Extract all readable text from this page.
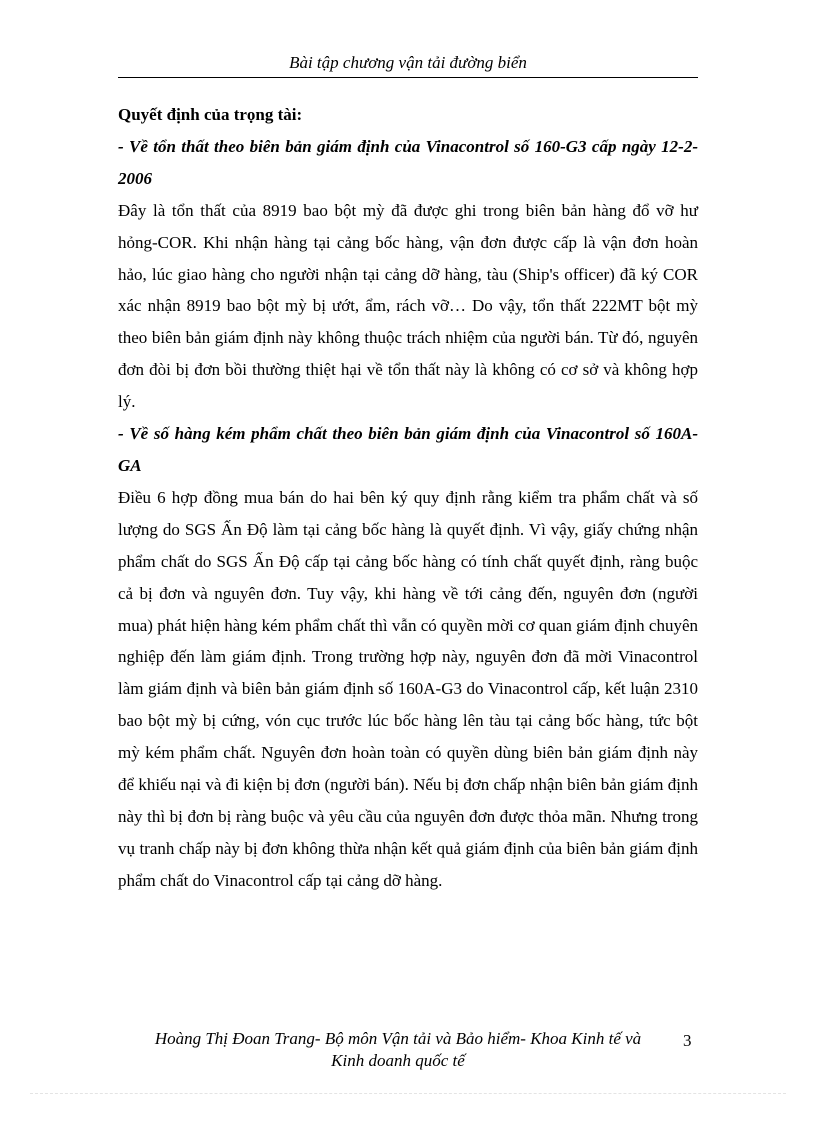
Bài tập chương vận tải đường biển

Quyết định của trọng tài:

- Về tổn thất theo biên bản giám định của Vinacontrol số 160-G3 cấp ngày 12-2-2006

Đây là tổn thất của 8919 bao bột mỳ đã được ghi trong biên bản hàng đổ vỡ hư hỏng-COR. Khi nhận hàng tại cảng bốc hàng, vận đơn được cấp là vận đơn hoàn hảo, lúc giao hàng cho người nhận tại cảng dỡ hàng, tàu (Ship's officer) đã ký COR xác nhận 8919 bao bột mỳ bị ướt, ẩm, rách vỡ… Do vậy, tổn thất 222MT bột mỳ theo biên bản giám định này không thuộc trách nhiệm của người bán. Từ đó, nguyên đơn đòi bị đơn bồi thường thiệt hại về tổn thất này là không có cơ sở và không hợp lý.

- Về số hàng kém phẩm chất theo biên bản giám định của Vinacontrol số 160A-GA

Điều 6 hợp đồng mua bán do hai bên ký quy định rằng kiểm tra phẩm chất và số lượng do SGS Ấn Độ làm tại cảng bốc hàng là quyết định. Vì vậy, giấy chứng nhận phẩm chất do SGS Ấn Độ cấp tại cảng bốc hàng có tính chất quyết định, ràng buộc cả bị đơn và nguyên đơn. Tuy vậy, khi hàng về tới cảng đến, nguyên đơn (người mua) phát hiện hàng kém phẩm chất thì vẫn có quyền mời cơ quan giám định chuyên nghiệp đến làm giám định. Trong trường hợp này, nguyên đơn đã mời Vinacontrol làm giám định và biên bản giám định số 160A-G3 do Vinacontrol cấp, kết luận 2310 bao bột mỳ bị cứng, vón cục trước lúc bốc hàng lên tàu tại cảng bốc hàng, tức bột mỳ kém phẩm chất. Nguyên đơn hoàn toàn có quyền dùng biên bản giám định này để khiếu nại và đi kiện bị đơn (người bán). Nếu bị đơn chấp nhận biên bản giám định này thì bị đơn bị ràng buộc và yêu cầu của nguyên đơn được thỏa mãn. Nhưng trong vụ tranh chấp này bị đơn không thừa nhận kết quả giám định của biên bản giám định phẩm chất do Vinacontrol cấp tại cảng dỡ hàng.

Hoàng Thị Đoan Trang- Bộ môn Vận tải và Bảo hiểm- Khoa Kinh tế và
Kinh doanh quốc tế
3
